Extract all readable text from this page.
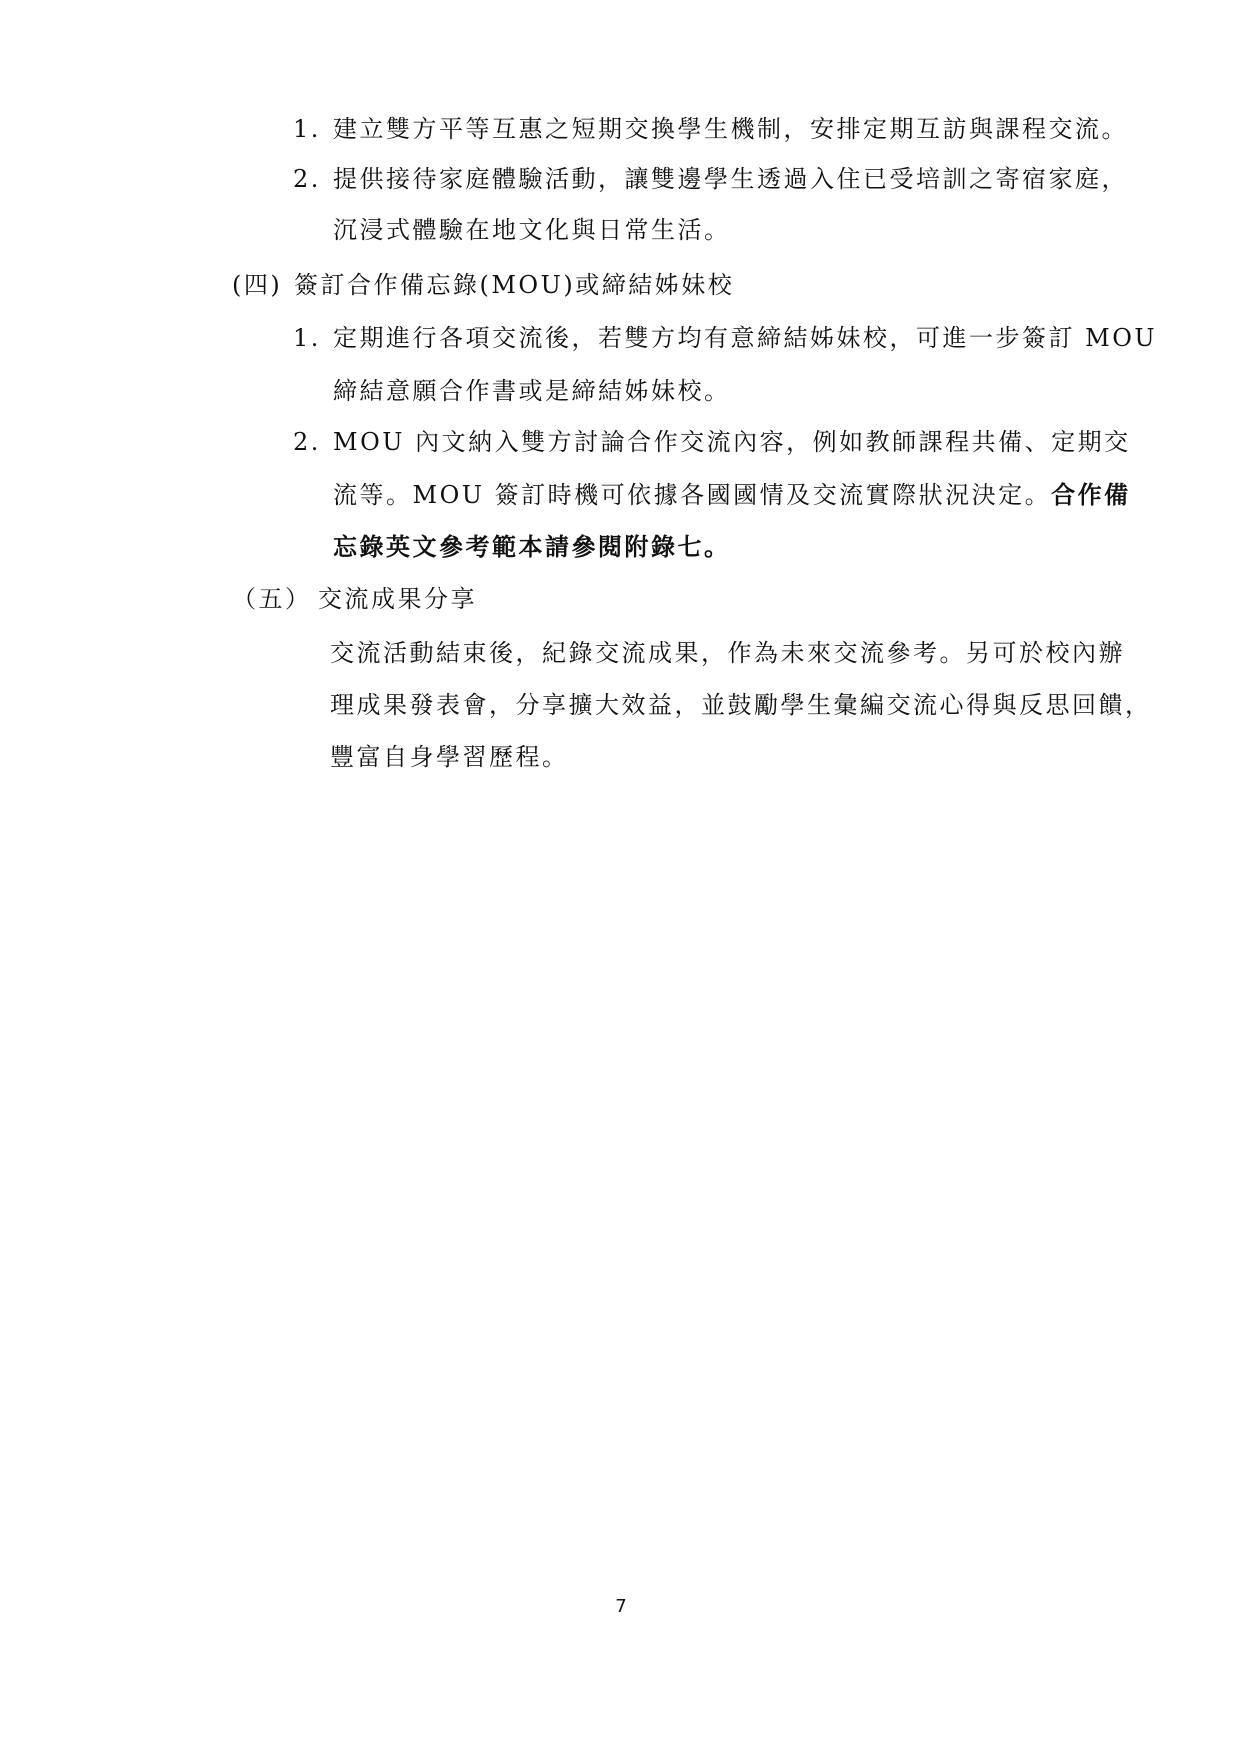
1. 建立雙方平等互惠之短期交換學生機制，安排定期互訪與課程交流。
2. 提供接待家庭體驗活動，讓雙邊學生透過入住已受培訓之寄宿家庭，
沉浸式體驗在地文化與日常生活。
(四) 簽訂合作備忘錄(MOU)或締結姊妹校
1. 定期進行各項交流後，若雙方均有意締結姊妹校，可進一步簽訂 MOU
締結意願合作書或是締結姊妹校。
2. MOU 內文納入雙方討論合作交流內容，例如教師課程共備、定期交
流等。MOU 簽訂時機可依據各國國情及交流實際狀況決定。合作備
忘錄英文參考範本請參閱附錄七。
（五） 交流成果分享
交流活動結束後，紀錄交流成果，作為未來交流參考。另可於校內辦
理成果發表會，分享擴大效益，並鼓勵學生彙編交流心得與反思回饋，
豐富自身學習歷程。
7
